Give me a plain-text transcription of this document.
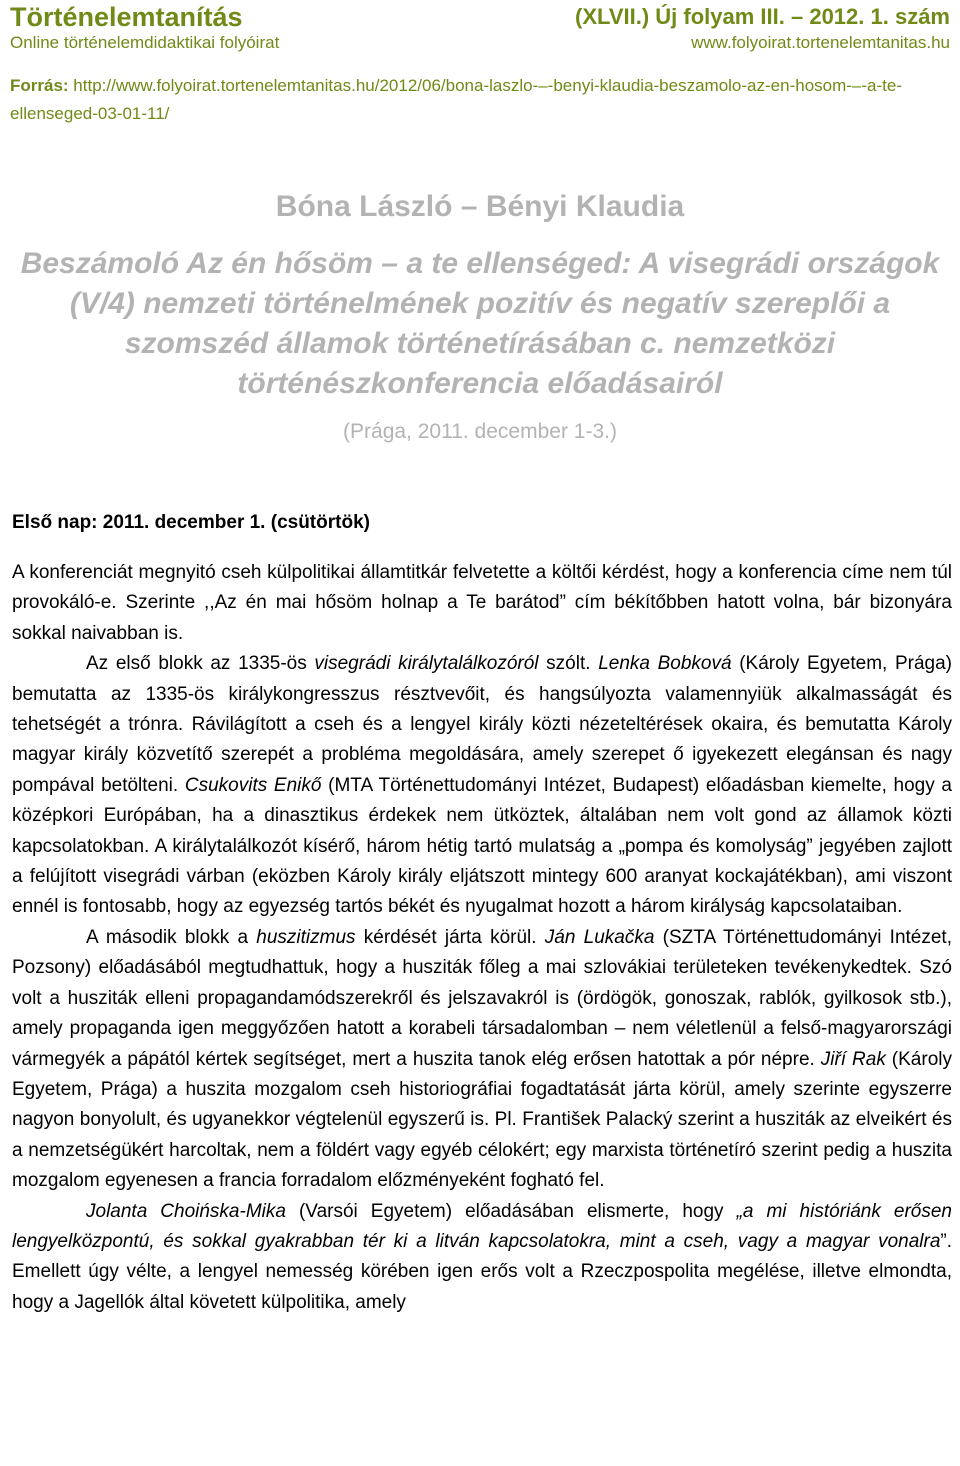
Történelemtanítás
Online történelemdidaktikai folyóirat
(XLVII.) Új folyam III. – 2012. 1. szám
www.folyoirat.tortenelemtanitas.hu
Forrás: http://www.folyoirat.tortenelemtanitas.hu/2012/06/bona-laszlo-–-benyi-klaudia-beszamolo-az-en-hosom-–-a-te-ellenseged-03-01-11/
Bóna László – Bényi Klaudia
Beszámoló Az én hősöm – a te ellenséged: A visegrádi országok (V/4) nemzeti történelmének pozitív és negatív szereplői a szomszéd államok történetírásában c. nemzetközi történészkonferencia előadásairól
(Prága, 2011. december 1-3.)
Első nap: 2011. december 1. (csütörtök)

A konferenciát megnyitó cseh külpolitikai államtitkár felvetette a költői kérdést, hogy a konferencia címe nem túl provokáló-e. Szerinte ,,Az én mai hősöm holnap a Te barátod” cím békítőbben hatott volna, bár bizonyára sokkal naivabban is.

Az első blokk az 1335-ös visegrádi királytalálkozóról szólt. Lenka Bobková (Károly Egyetem, Prága) bemutatta az 1335-ös királykongresszus résztvevőit, és hangsúlyozta valamennyiük alkalmasságát és tehetségét a trónra. Rávilágított a cseh és a lengyel király közti nézeteltérések okaira, és bemutatta Károly magyar király közvetítő szerepét a probléma megoldására, amely szerepet ő igyekezett elegánsan és nagy pompával betölteni. Csukovits Enikő (MTA Történettudományi Intézet, Budapest) előadásban kiemelte, hogy a középkori Európában, ha a dinasztikus érdekek nem ütköztek, általában nem volt gond az államok közti kapcsolatokban. A királytalálkozót kísérő, három hétig tartó mulatság a „pompa és komolyság” jegyében zajlott a felújított visegrádi várban (eközben Károly király eljátszott mintegy 600 aranyat kockajátékban), ami viszont ennél is fontosabb, hogy az egyezség tartós békét és nyugalmat hozott a három királyság kapcsolataiban.

A második blokk a huszitizmus kérdését járta körül. Ján Lukačka (SZTA Történettudományi Intézet, Pozsony) előadásából megtudhattuk, hogy a husziták főleg a mai szlovákiai területeken tevékenykedtek. Szó volt a husziták elleni propagandamódszerekről és jelszavakról is (ördögök, gonoszak, rablók, gyilkosok stb.), amely propaganda igen meggyőzően hatott a korabeli társadalomban – nem véletlenül a felső-magyarországi vármegyék a pápától kértek segítséget, mert a huszita tanok elég erősen hatottak a pór népre. Jiří Rak (Károly Egyetem, Prága) a huszita mozgalom cseh historiográfiai fogadtatását járta körül, amely szerinte egyszerre nagyon bonyolult, és ugyanekkor végtelenül egyszerű is. Pl. František Palacký szerint a husziták az elveikért és a nemzetségükért harcoltak, nem a földért vagy egyéb célokért; egy marxista történetíró szerint pedig a huszita mozgalom egyenesen a francia forradalom előzményeként fogható fel.

Jolanta Choińska-Mika (Varsói Egyetem) előadásában elismerte, hogy „a mi históriánk erősen lengyelközpontú, és sokkal gyakrabban tér ki a litván kapcsolatokra, mint a cseh, vagy a magyar vonalra”. Emellett úgy vélte, a lengyel nemesség körében igen erős volt a Rzeczpospolita megélése, illetve elmondta, hogy a Jagellók által követett külpolitika, amely
